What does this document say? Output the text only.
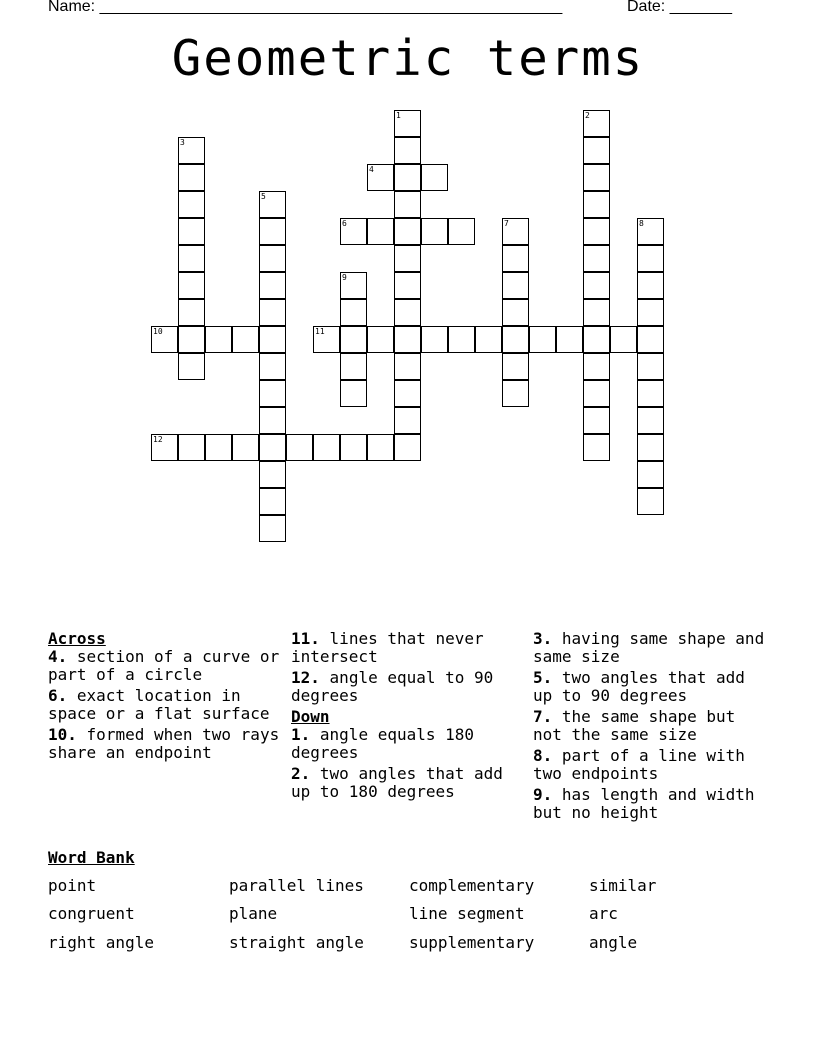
Name: ____________________________________________________	Date: _______
Geometric terms
1	2
3
4
5
6	7	8
9
10	11
12
Across
4. section of a curve or part of a circle
6. exact location in space or a flat surface
10. formed when two rays share an endpoint
11. lines that never intersect
12. angle equal to 90 degrees
Down
1. angle equals 180 degrees
2. two angles that add up to 180 degrees
3. having same shape and same size
5. two angles that add up to 90 degrees
7. the same shape but not the same size
8. part of a line with two endpoints
9. has length and width but no height
Word Bank
point	parallel lines	complementary	similar
congruent	plane	line segment	arc
right angle	straight angle	supplementary	angle
